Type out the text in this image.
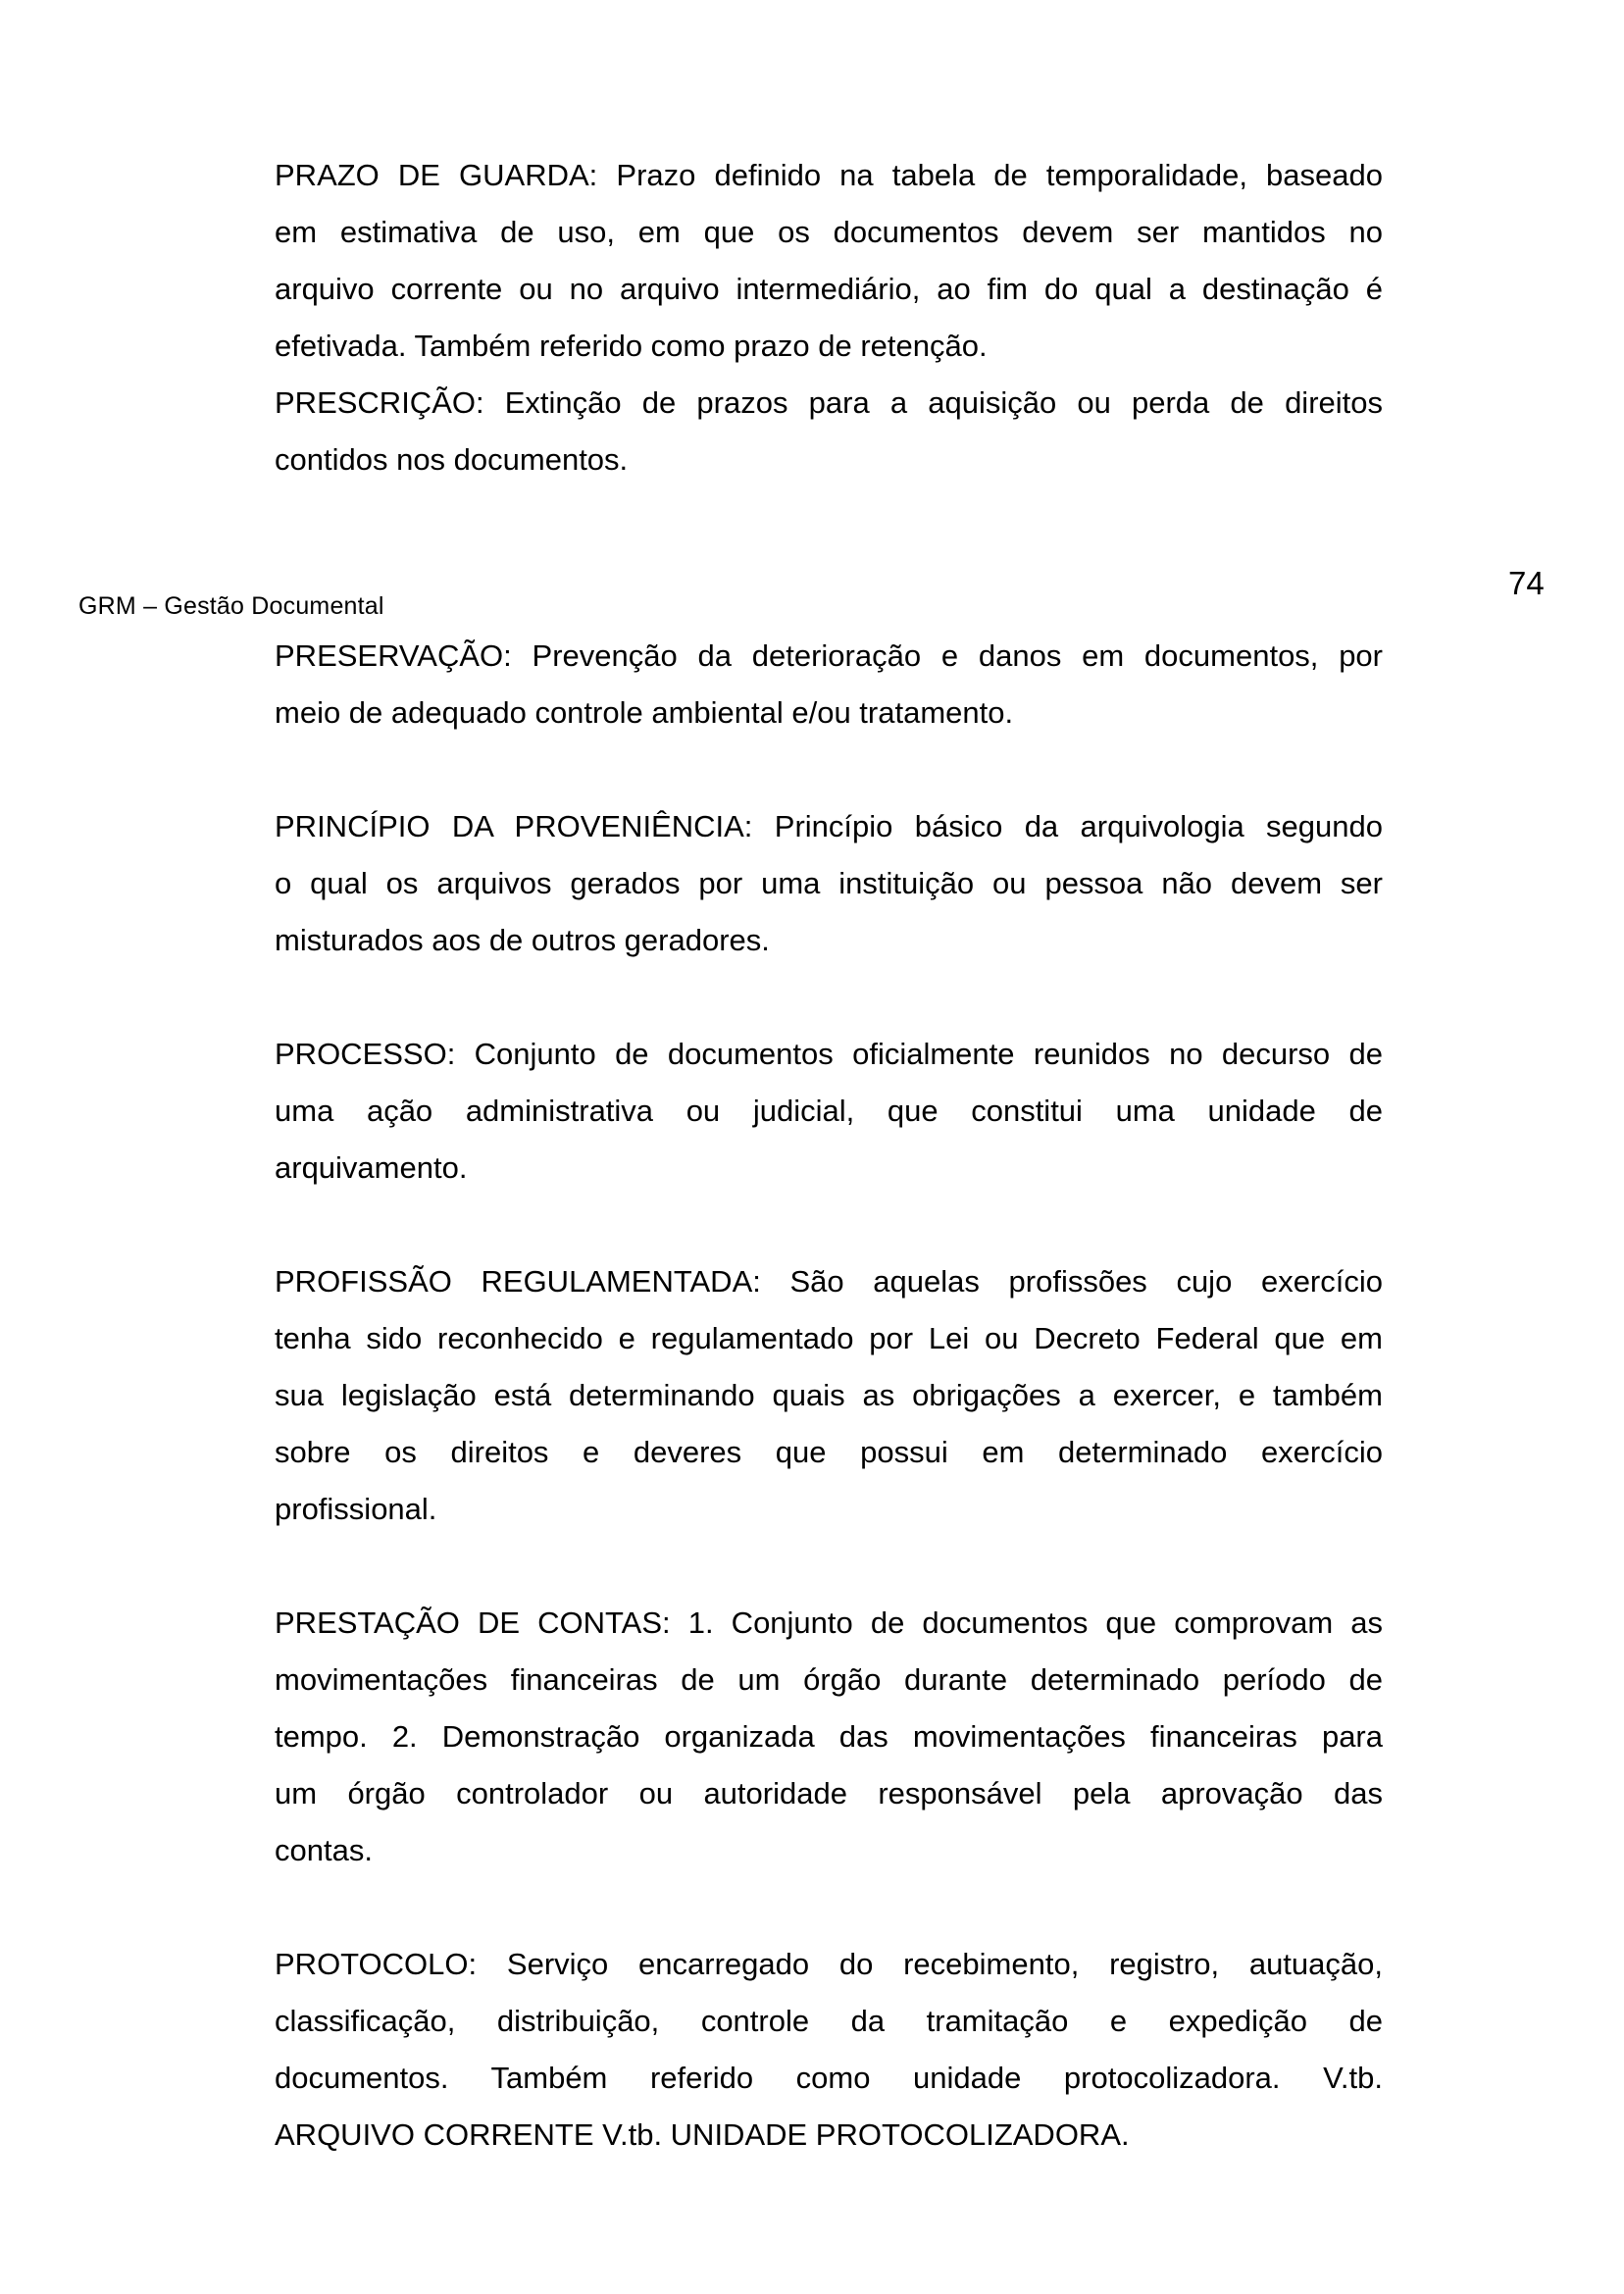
PRAZO DE GUARDA: Prazo definido na tabela de temporalidade, baseado
em estimativa de uso, em que os documentos devem ser mantidos no
arquivo corrente ou no arquivo intermediário, ao fim do qual a destinação é
efetivada. Também referido como prazo de retenção.
PRESCRIÇÃO: Extinção de prazos para a aquisição ou perda de direitos
contidos nos documentos.
74
GRM – Gestão Documental
PRESERVAÇÃO: Prevenção da deterioração e danos em documentos, por
meio de adequado controle ambiental e/ou tratamento.
PRINCÍPIO DA PROVENIÊNCIA: Princípio básico da arquivologia segundo
o qual os arquivos gerados por uma instituição ou pessoa não devem ser
misturados aos de outros geradores.
PROCESSO: Conjunto de documentos oficialmente reunidos no decurso de
uma ação administrativa ou judicial, que constitui uma unidade de
arquivamento.
PROFISSÃO REGULAMENTADA: São aquelas profissões cujo exercício
tenha sido reconhecido e regulamentado por Lei ou Decreto Federal que em
sua legislação está determinando quais as obrigações a exercer, e também
sobre os direitos e deveres que possui em determinado exercício
profissional.
PRESTAÇÃO DE CONTAS: 1. Conjunto de documentos que comprovam as
movimentações financeiras de um órgão durante determinado período de
tempo. 2. Demonstração organizada das movimentações financeiras para
um órgão controlador ou autoridade responsável pela aprovação das
contas.
PROTOCOLO: Serviço encarregado do recebimento, registro, autuação,
classificação, distribuição, controle da tramitação e expedição de
documentos. Também referido como unidade protocolizadora. V.tb.
ARQUIVO CORRENTE V.tb. UNIDADE PROTOCOLIZADORA.
